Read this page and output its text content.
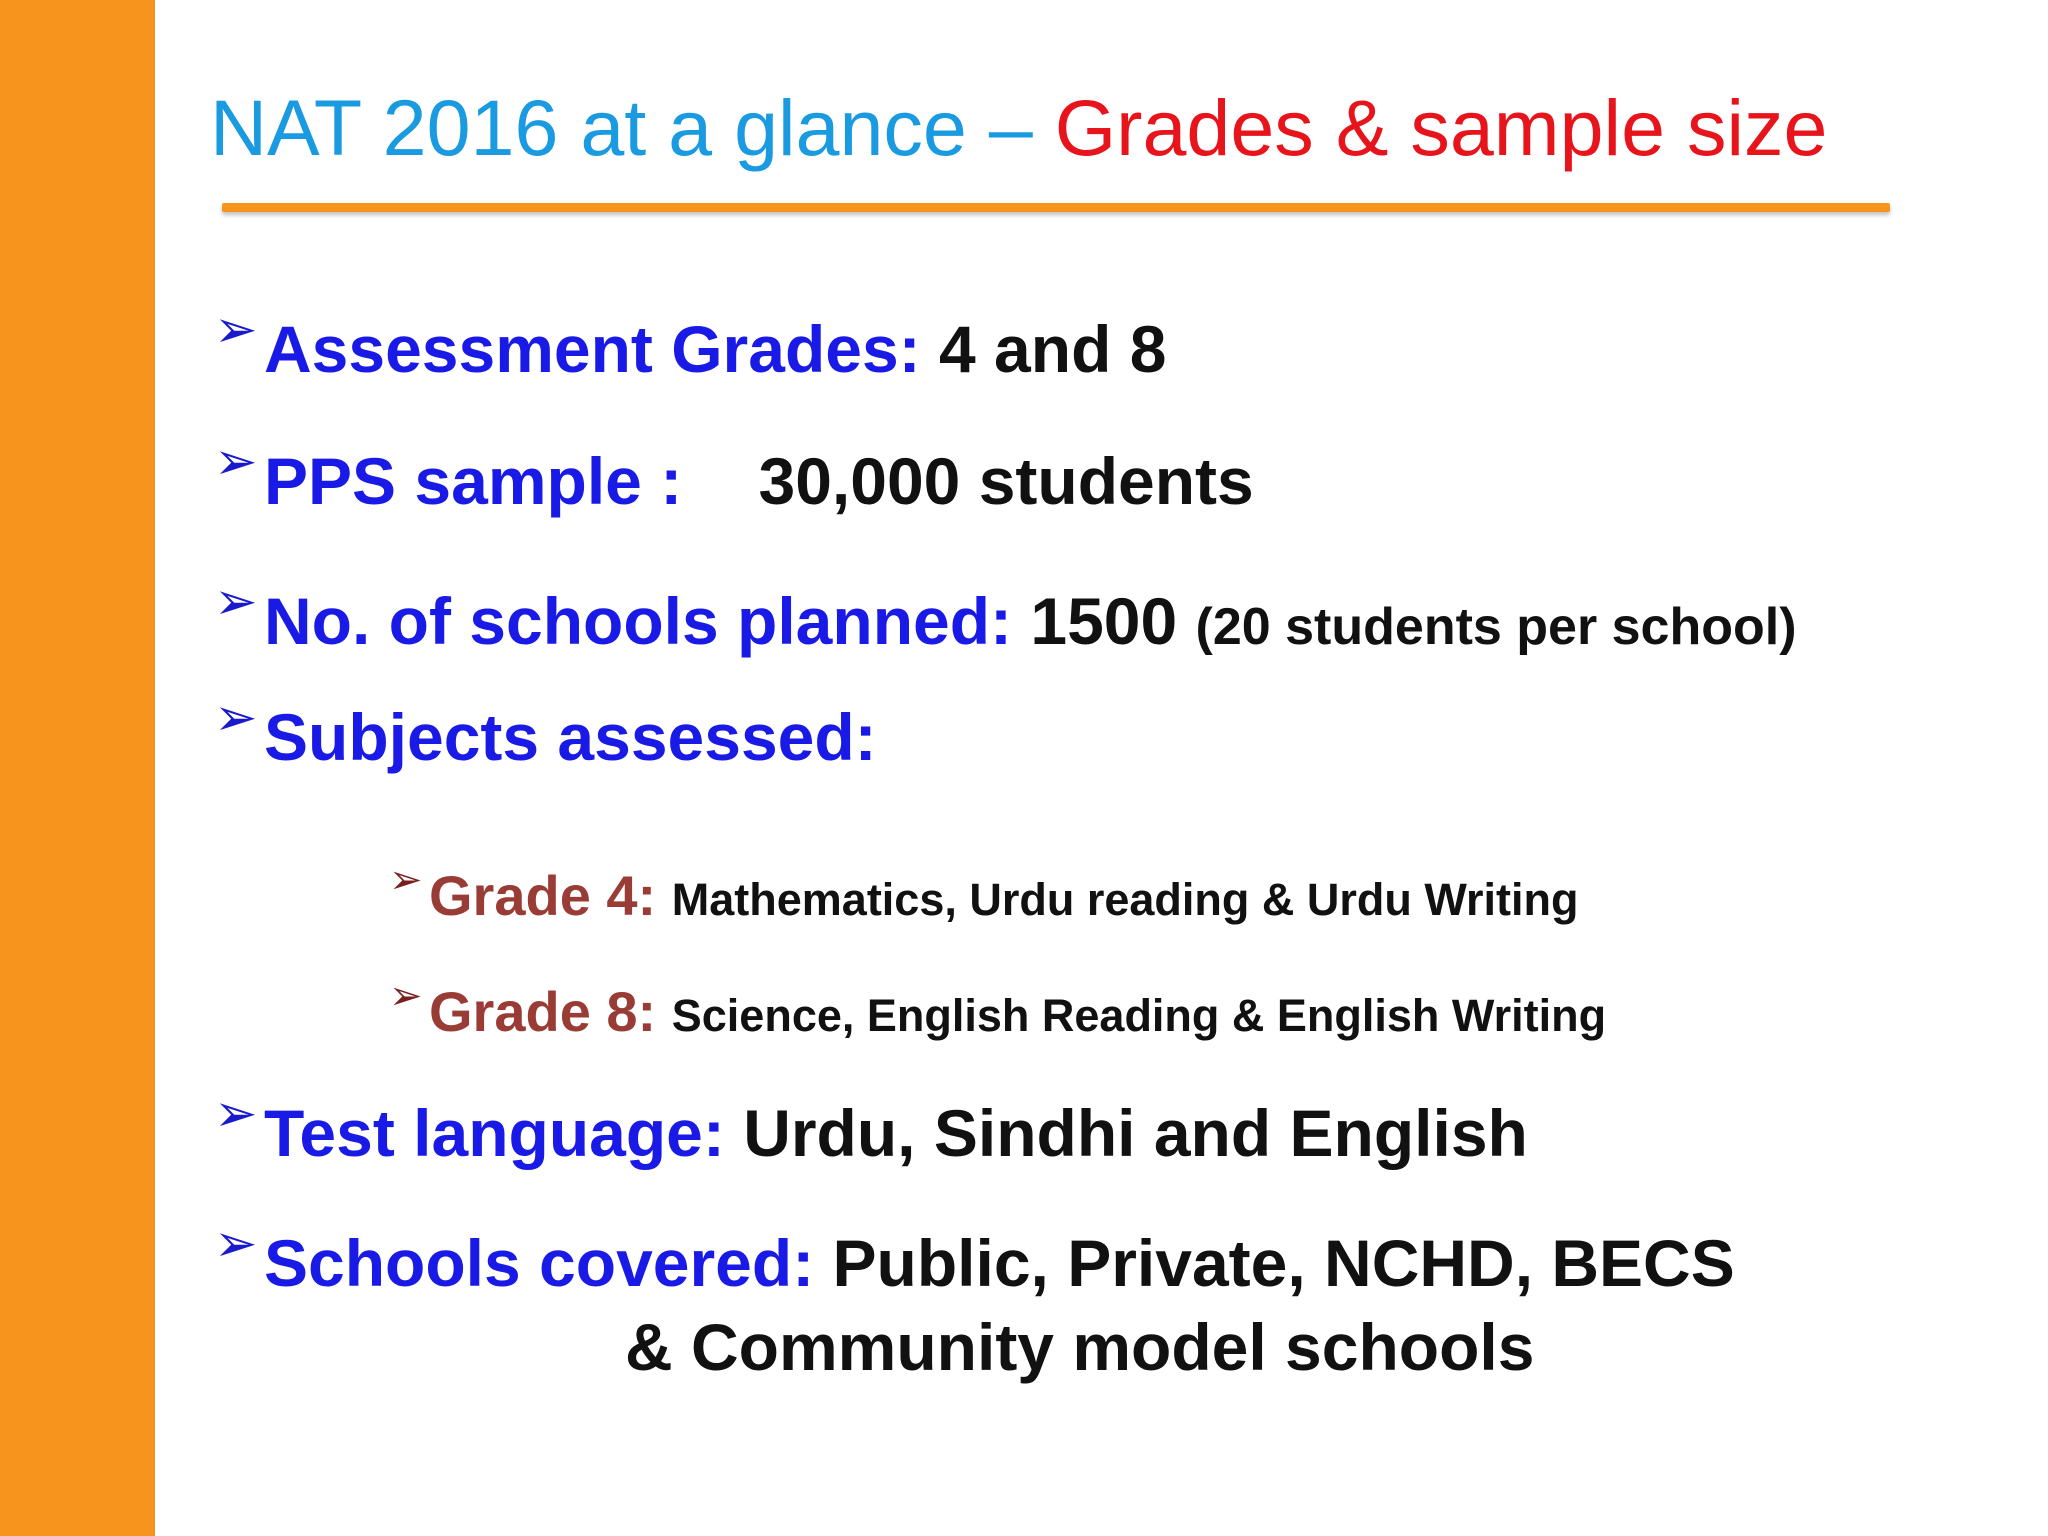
NAT 2016 at a glance – Grades & sample size
➢ Assessment Grades: 4 and 8
➢ PPS sample : 30,000 students
➢ No. of schools planned: 1500 (20 students per school)
➢ Subjects assessed:
➢ Grade 4: Mathematics, Urdu reading & Urdu Writing
➢ Grade 8: Science, English Reading & English Writing
➢ Test language: Urdu, Sindhi and English
➢ Schools covered: Public, Private, NCHD, BECS
& Community model schools
